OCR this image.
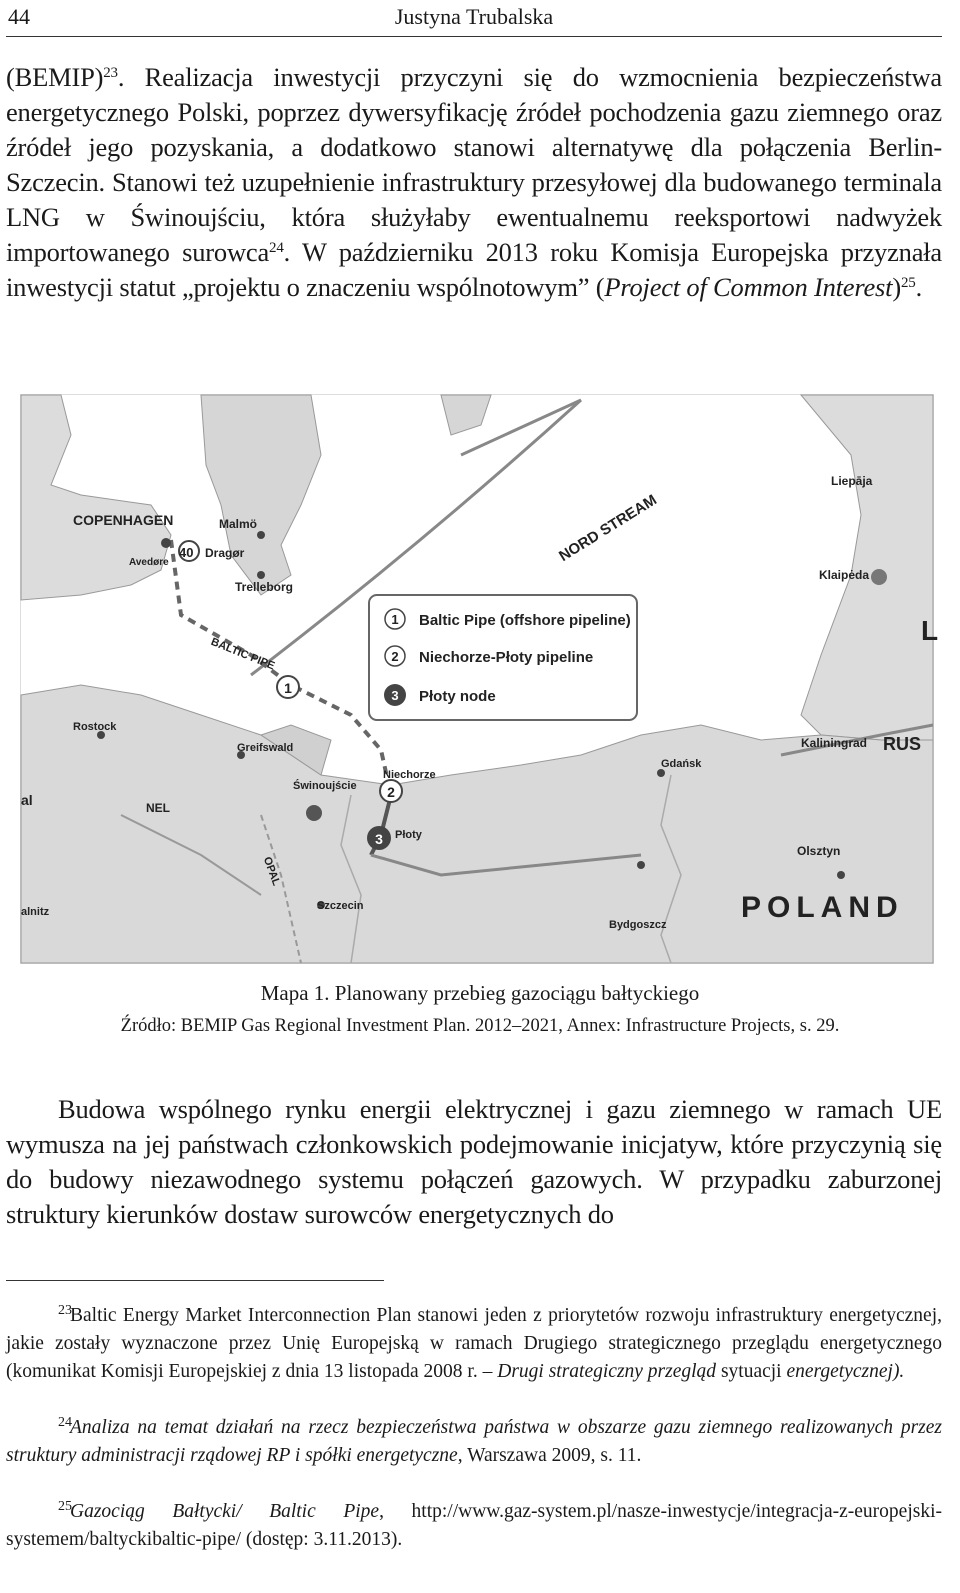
44	Justyna Trubalska
(BEMIP)$^{23}$. Realizacja inwestycji przyczyni się do wzmocnienia bezpieczeństwa energetycznego Polski, poprzez dywersyfikację źródeł pochodzenia gazu ziemnego oraz źródeł jego pozyskania, a dodatkowo stanowi alternatywę dla połączenia Berlin-Szczecin. Stanowi też uzupełnienie infrastruktury przesyłowej dla budowanego terminala LNG w Świnoujściu, która służyłaby ewentualnemu reeksportowi nadwyżek importowanego surowca$^{24}$. W październiku 2013 roku Komisja Europejska przyznała inwestycji statut „projektu o znaczeniu wspólnotowym” (Project of Common Interest)$^{25}$.
1
2
3
COPENHAGEN	Malmö
Avedøre
40 Dragør
Trelleborg
Liepāja
Klaipėda
L
Kaliningrad RUS
Gdańsk
Olsztyn
POLAND
Bydgoszcz
Rostock
Greifswald
Świnoujście
Niechorze
Płoty
Szczecin
NEL
OPAL
al
alnitz
NORD STREAM
BALTIC PIPE
1 Baltic Pipe (offshore pipeline)
2 Niechorze-Płoty pipeline
3 Płoty node
Mapa 1. Planowany przebieg gazociągu bałtyckiego
Źródło: BEMIP Gas Regional Investment Plan. 2012–2021, Annex: Infrastructure Projects, s. 29.
Budowa wspólnego rynku energii elektrycznej i gazu ziemnego w ramach UE wymusza na jej państwach członkowskich podejmowanie inicjatyw, które przyczynią się do budowy niezawodnego systemu połączeń gazowych. W przypadku zaburzonej struktury kierunków dostaw surowców energetycznych do
$^{23}$Baltic Energy Market Interconnection Plan stanowi jeden z priorytetów rozwoju infrastruktury energetycznej, jakie zostały wyznaczone przez Unię Europejską w ramach Drugiego strategicznego przeglądu energetycznego (komunikat Komisji Europejskiej z dnia 13 listopada 2008 r. – Drugi strategiczny przegląd sytuacji energetycznej).
$^{24}$Analiza na temat działań na rzecz bezpieczeństwa państwa w obszarze gazu ziemnego realizowanych przez struktury administracji rządowej RP i spółki energetyczne, Warszawa 2009, s. 11.
$^{25}$Gazociąg Bałtycki/ Baltic Pipe, http://www.gaz-system.pl/nasze-inwestycje/integracja-z-europejski-systemem/baltyckibaltic-pipe/ (dostęp: 3.11.2013).
